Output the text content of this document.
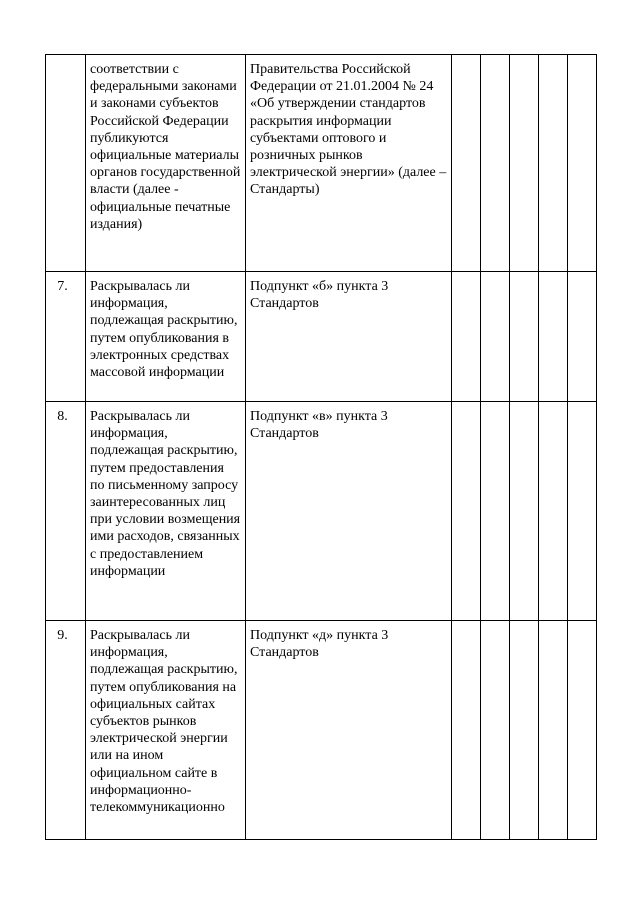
	соответствии с федеральными законами и законами субъектов Российской Федерации публикуются официальные материалы органов государственной власти (далее - официальные печатные издания)	Правительства Российской Федерации от 21.01.2004 № 24 «Об утверждении стандартов раскрытия информации субъектами оптового и розничных рынков электрической энергии» (далее – Стандарты)					
7.	Раскрывалась ли информация, подлежащая раскрытию, путем опубликования в электронных средствах массовой информации	Подпункт «б» пункта 3 Стандартов					
8.	Раскрывалась ли информация, подлежащая раскрытию, путем предоставления по письменному запросу заинтересованных лиц при условии возмещения ими расходов, связанных с предоставлением информации	Подпункт «в» пункта 3 Стандартов					
9.	Раскрывалась ли информация, подлежащая раскрытию, путем опубликования на официальных сайтах субъектов рынков электрической энергии или на ином официальном сайте в информационно-телекоммуникационно	Подпункт «д» пункта 3 Стандартов					
